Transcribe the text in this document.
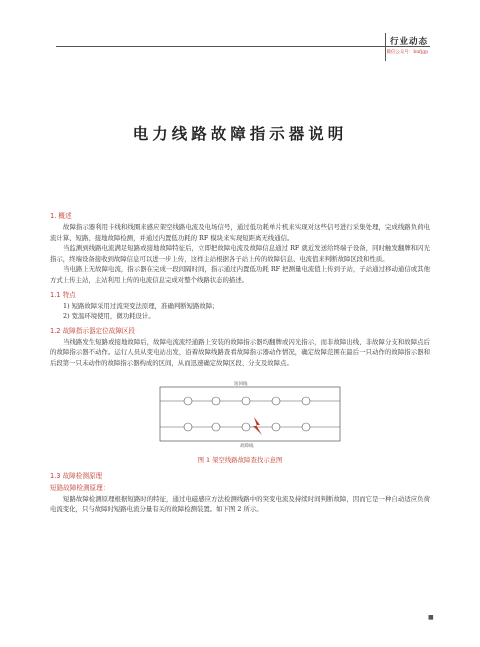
行业动态
微信公众号：bnfjgp
电力线路故障指示器说明
1. 概述

故障指示器利用卡线和线圈来感应架空线路电流及电场信号，通过低功耗单片机来实现对这些信号进行采集处理，完成线路负荷电流计算、短路、接地故障检测，并通过内置低功耗的 RF 模块来实现短距离无线通信。

当监测到线路电流满足短路或接地故障特征后，立即把故障电流及故障信息通过 RF 就近发送给终端子设备，同时触发翻牌和闪光指示，终端设备接收到故障信息可以进一步上传，这样主站根据各子站上传的故障信息、电流值来判断故障区段和性质。

当电路上无故障电流，指示器在完成一段间隔时间，指示通过内置低功耗 RF 把测量电流值上传到子站，子站通过移动通信或其他方式上传主站，主站利用上传的电流信息完成对整个线路状态的描述。

1.1 特点

1) 短路故障采用过流突变法原理，准确判断短路故障；

2) 宽温环境使用，微功耗设计。

1.2 故障指示器定位故障区段

当线路发生短路或接地故障后，故障电流流经通路上安装的故障指示器均翻牌或闪光指示，而非故障出线、非故障分支和故障点后的故障指示器不动作。运行人员从变电站出发，沿着故障线路查看故障指示器动作情况，确定故障范围在最后一只动作的故障指示器和后段第一只未动作的故障指示器构成的区间，从而迅速确定故障区段、分支及故障点。

短回线
故障线
图 1 架空线路故障查找示意图
1.3 故障检测原理
短路故障检测原理：

短路故障检测原理根据短路时的特征，通过电磁感应方法检测线路中的突变电流及持续时间判断故障，因而它是一种自动适应负荷电流变化，只与故障时短路电流分量有关的故障检测装置。如下图 2 所示。

■
